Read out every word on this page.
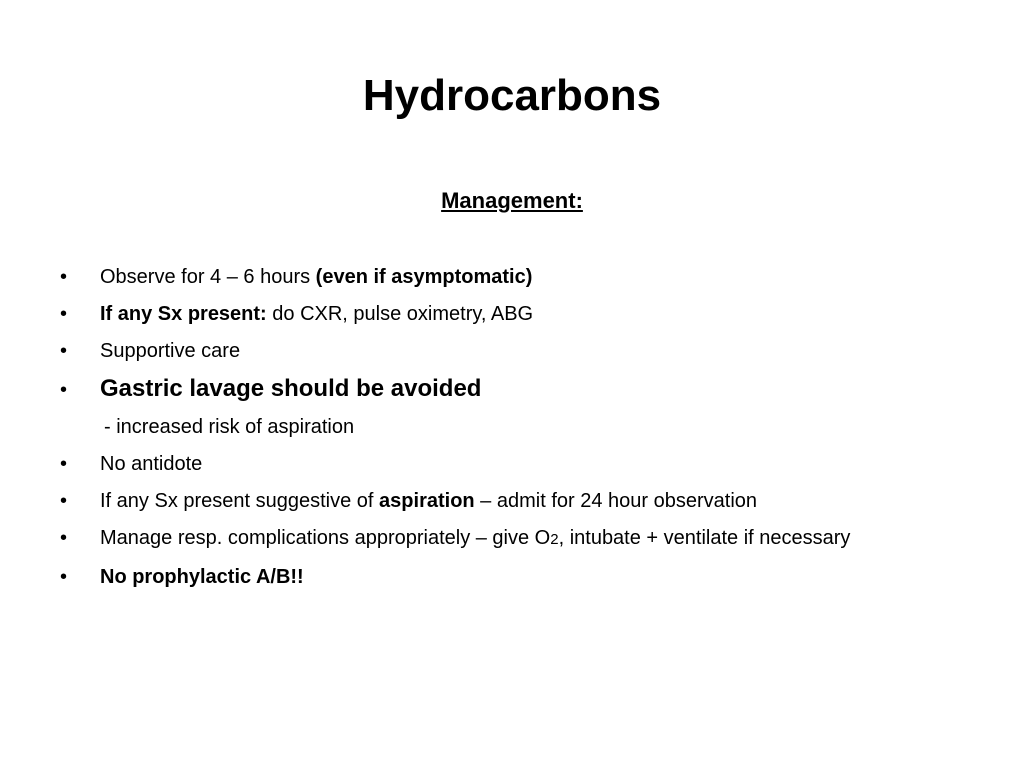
Hydrocarbons
Management:
• Observe for 4 – 6 hours (even if asymptomatic)
• If any Sx present: do CXR, pulse oximetry, ABG
• Supportive care
• Gastric lavage should be avoided
- increased risk of aspiration
• No antidote
• If any Sx present suggestive of aspiration – admit for 24 hour observation
• Manage resp. complications appropriately – give O2, intubate + ventilate if necessary
• No prophylactic A/B!!
